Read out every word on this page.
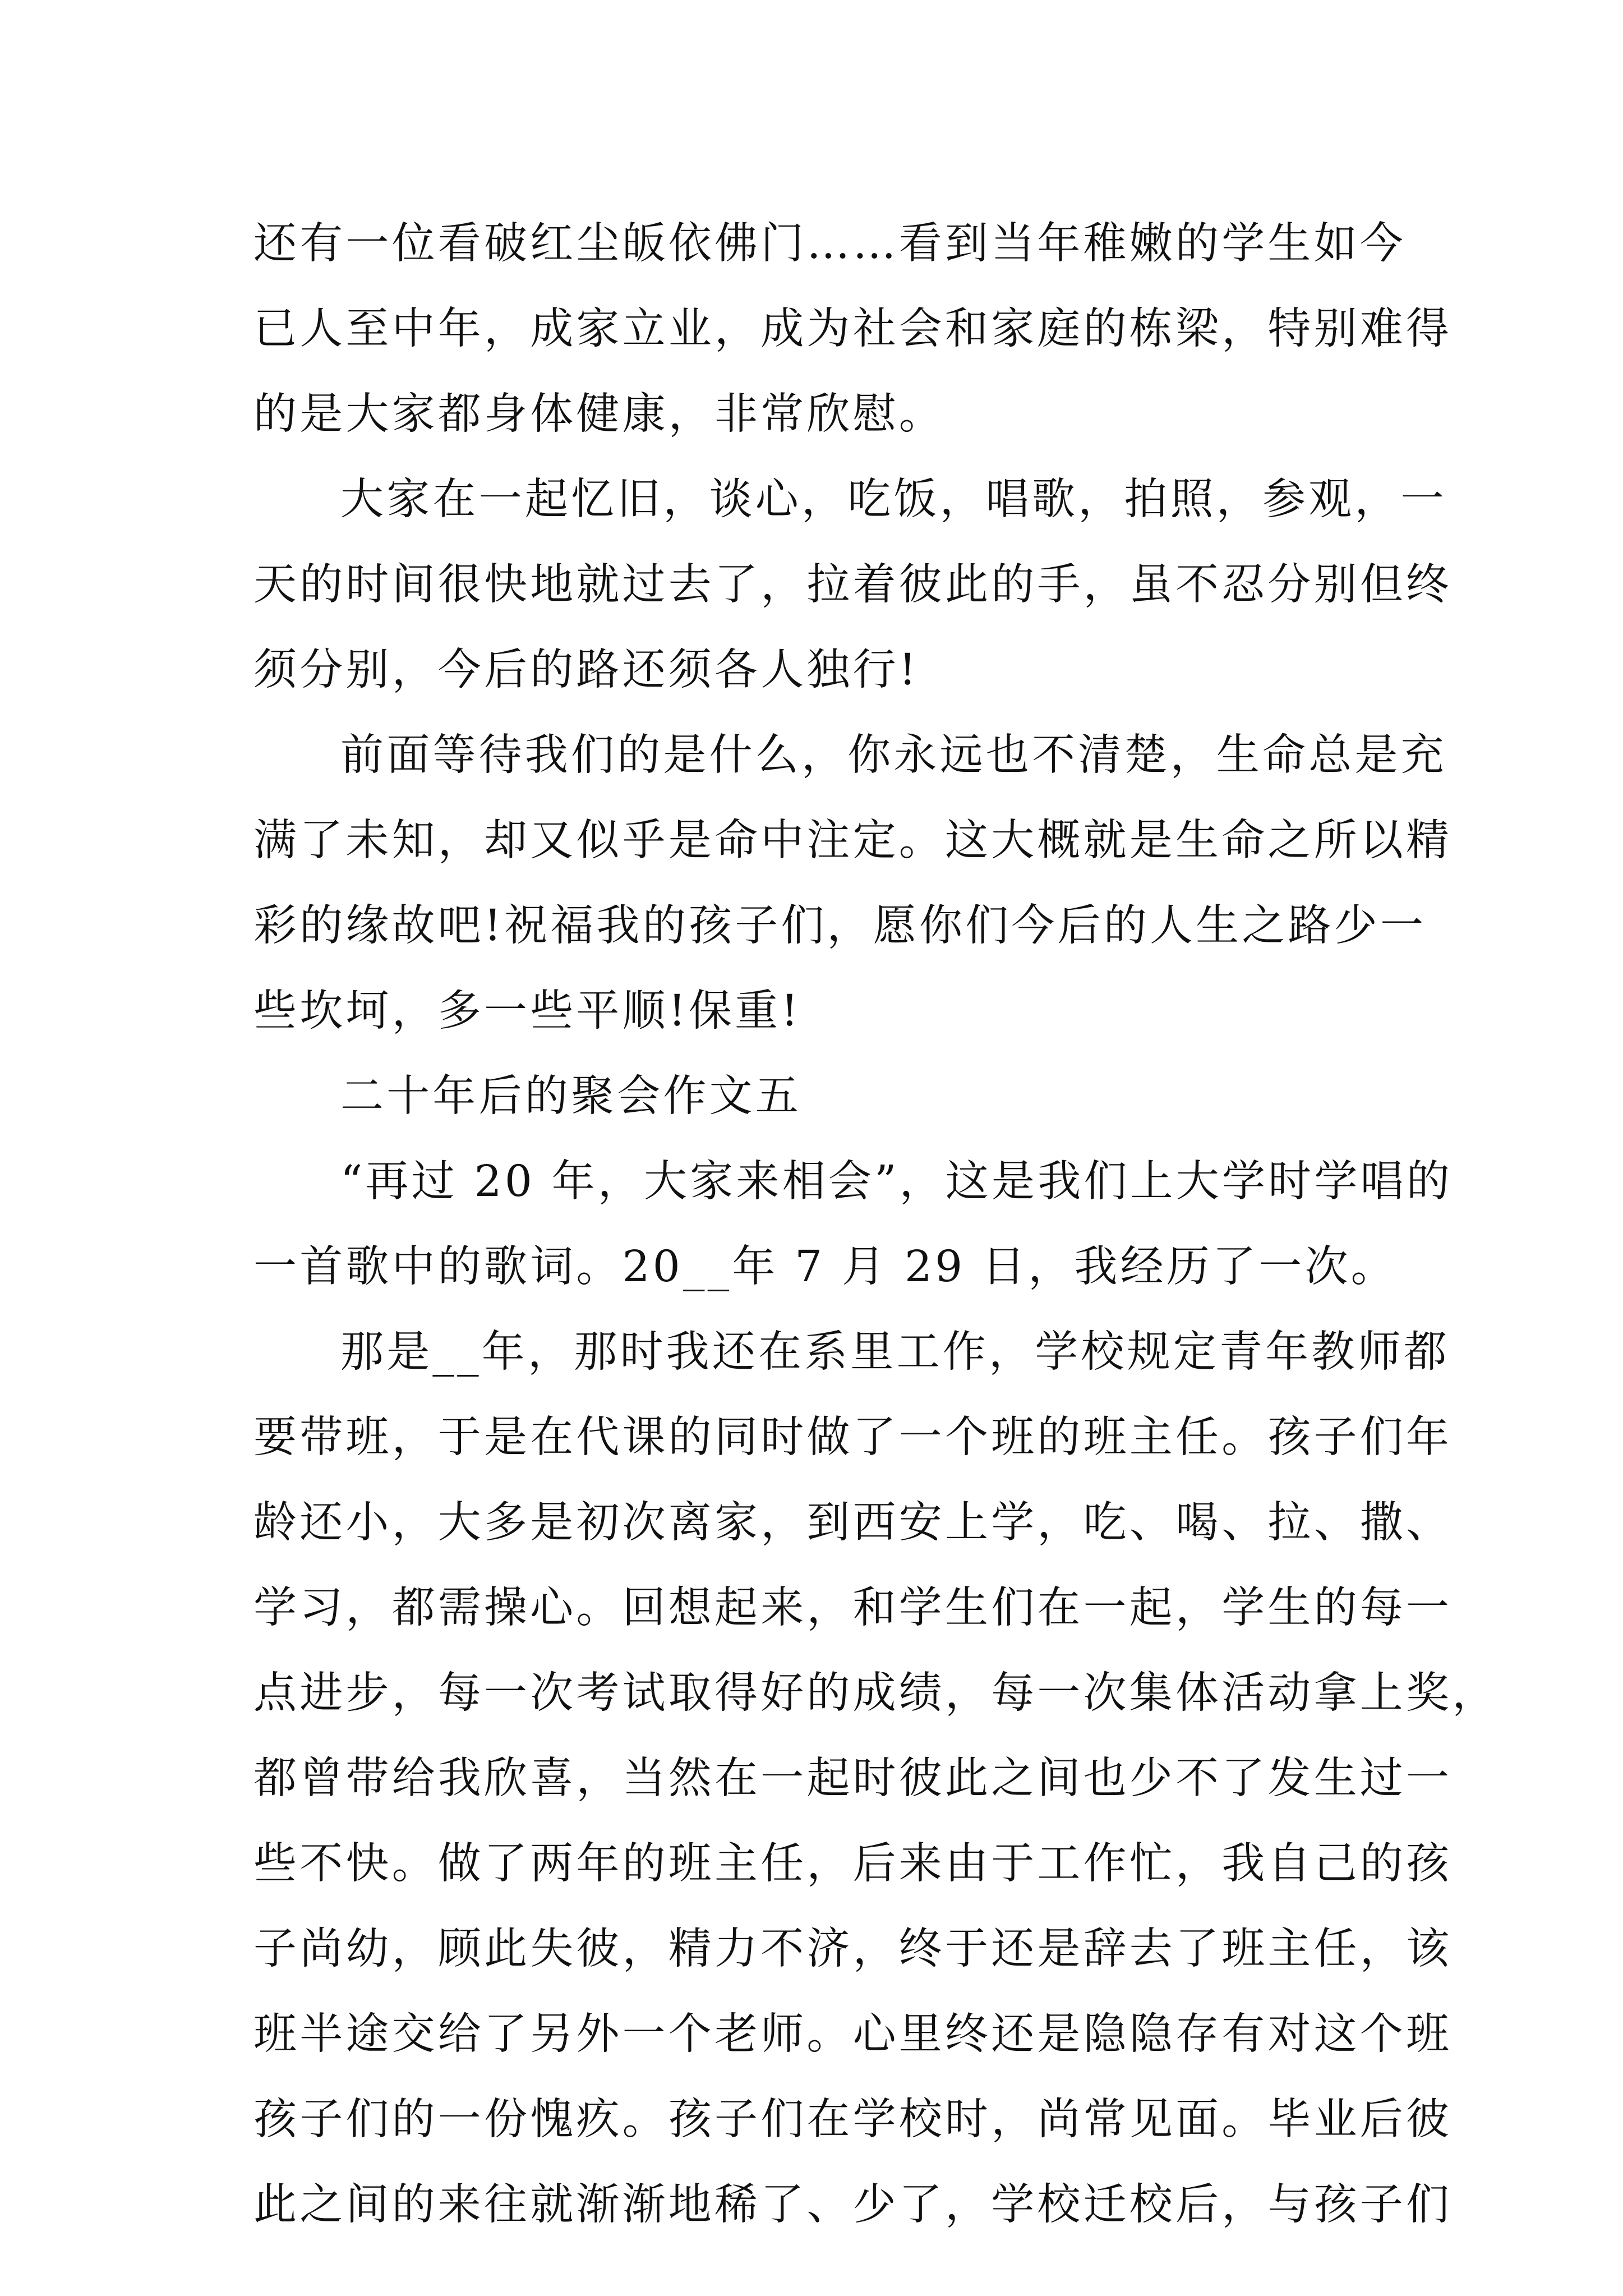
还有一位看破红尘皈依佛门……看到当年稚嫩的学生如今
已人至中年，成家立业，成为社会和家庭的栋梁，特别难得
的是大家都身体健康，非常欣慰。
大家在一起忆旧，谈心，吃饭，唱歌，拍照，参观，一
天的时间很快地就过去了，拉着彼此的手，虽不忍分别但终
须分别，今后的路还须各人独行!
前面等待我们的是什么，你永远也不清楚，生命总是充
满了未知，却又似乎是命中注定。这大概就是生命之所以精
彩的缘故吧!祝福我的孩子们，愿你们今后的人生之路少一
些坎坷，多一些平顺!保重!
二十年后的聚会作文五
“再过 20 年，大家来相会”，这是我们上大学时学唱的
一首歌中的歌词。20__年 7 月 29 日，我经历了一次。
那是__年，那时我还在系里工作，学校规定青年教师都
要带班，于是在代课的同时做了一个班的班主任。孩子们年
龄还小，大多是初次离家，到西安上学，吃、喝、拉、撒、
学习，都需操心。回想起来，和学生们在一起，学生的每一
点进步，每一次考试取得好的成绩，每一次集体活动拿上奖，
都曾带给我欣喜，当然在一起时彼此之间也少不了发生过一
些不快。做了两年的班主任，后来由于工作忙，我自己的孩
子尚幼，顾此失彼，精力不济，终于还是辞去了班主任，该
班半途交给了另外一个老师。心里终还是隐隐存有对这个班
孩子们的一份愧疚。孩子们在学校时，尚常见面。毕业后彼
此之间的来往就渐渐地稀了、少了，学校迁校后，与孩子们
